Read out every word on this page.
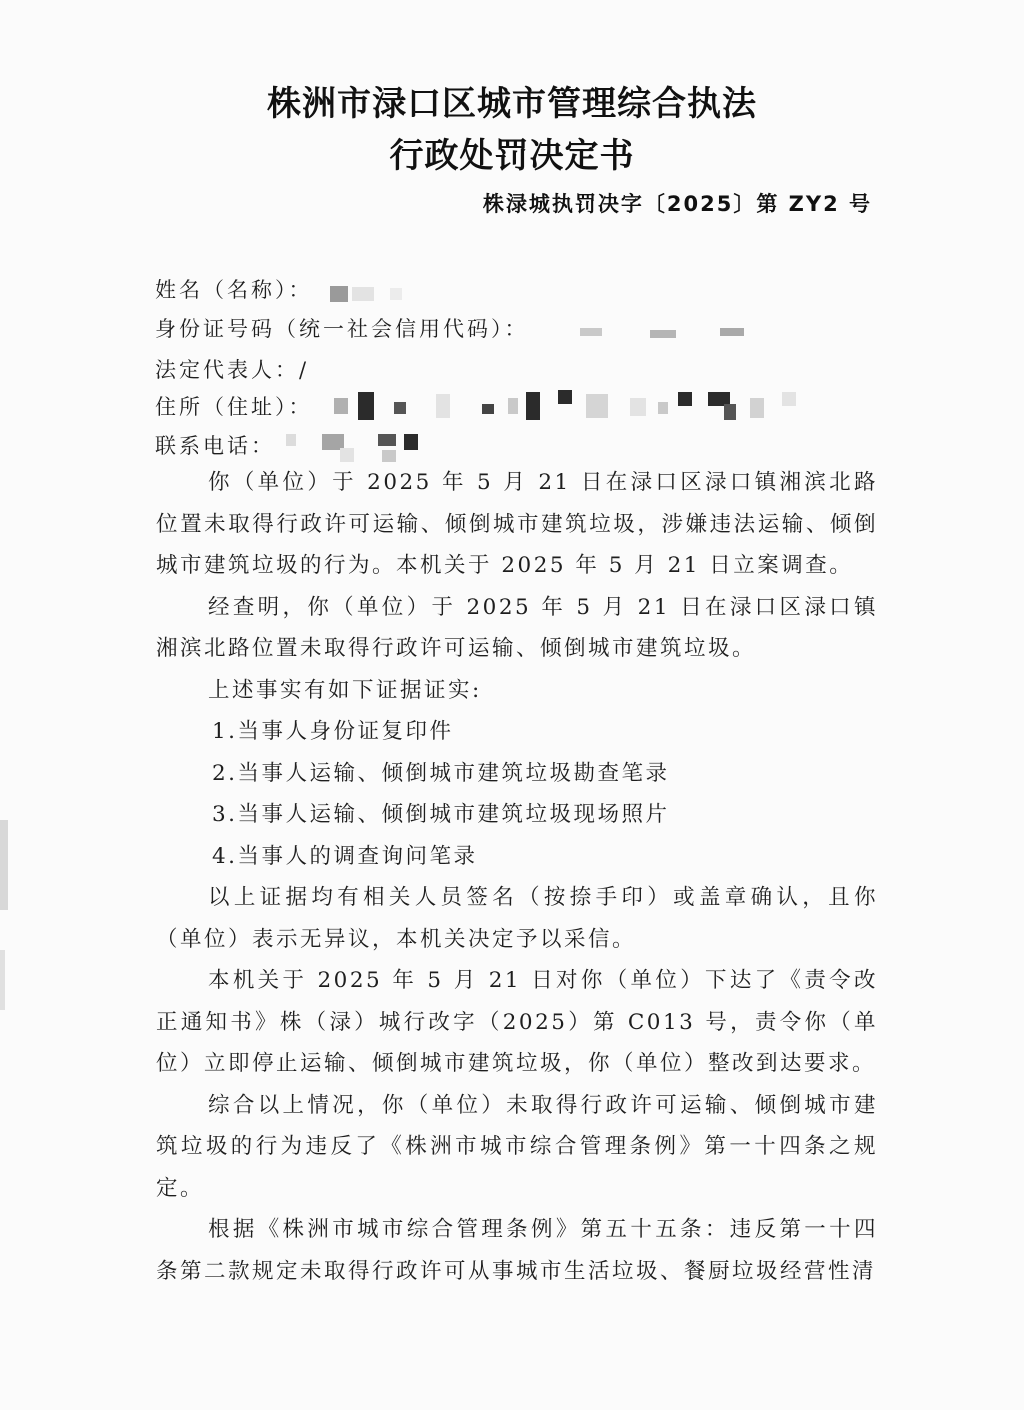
株洲市渌口区城市管理综合执法
行政处罚决定书
株渌城执罚决字〔2025〕第 ZY2 号
姓名（名称）：
身份证号码（统一社会信用代码）：
法定代表人：/
住所（住址）：
联系电话：

你（单位）于 2025 年 5 月 21 日在渌口区渌口镇湘滨北路位置未取得行政许可运输、倾倒城市建筑垃圾，涉嫌违法运输、倾倒城市建筑垃圾的行为。本机关于 2025 年 5 月 21 日立案调查。

经查明，你（单位）于 2025 年 5 月 21 日在渌口区渌口镇湘滨北路位置未取得行政许可运输、倾倒城市建筑垃圾。

上述事实有如下证据证实:

1.当事人身份证复印件

2.当事人运输、倾倒城市建筑垃圾勘查笔录

3.当事人运输、倾倒城市建筑垃圾现场照片

4.当事人的调查询问笔录

以上证据均有相关人员签名（按捺手印）或盖章确认，且你（单位）表示无异议，本机关决定予以采信。

本机关于 2025 年 5 月 21 日对你（单位）下达了《责令改正通知书》株（渌）城行改字（2025）第 C013 号，责令你（单位）立即停止运输、倾倒城市建筑垃圾，你（单位）整改到达要求。

综合以上情况，你（单位）未取得行政许可运输、倾倒城市建筑垃圾的行为违反了《株洲市城市综合管理条例》第一十四条之规定。

根据《株洲市城市综合管理条例》第五十五条：违反第一十四条第二款规定未取得行政许可从事城市生活垃圾、餐厨垃圾经营性清
